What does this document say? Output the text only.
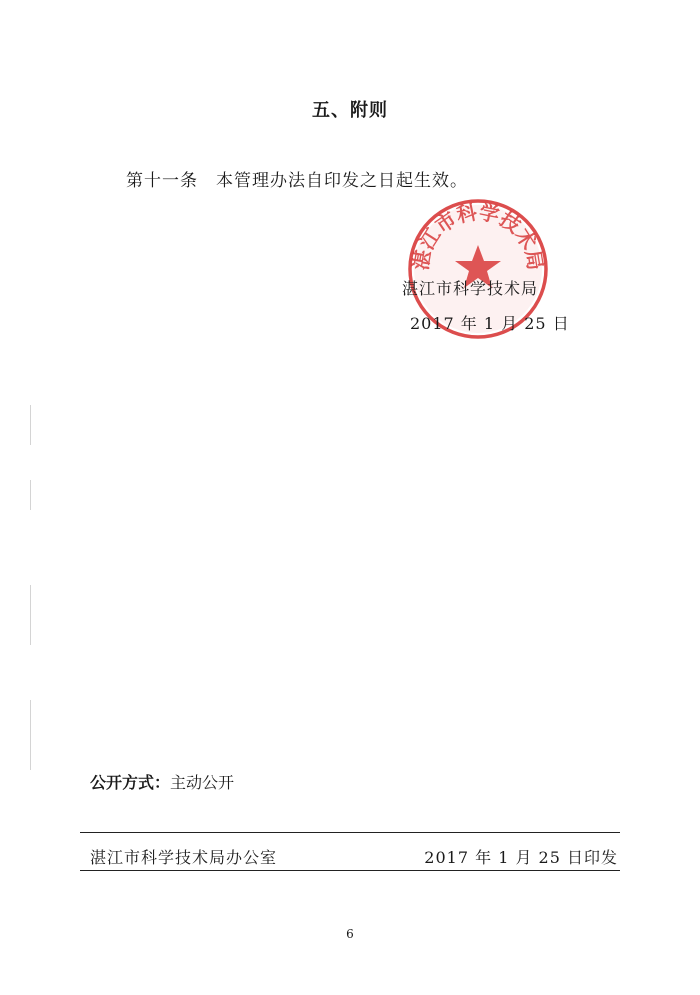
五、附则
第十一条 本管理办法自印发之日起生效。
湛江市科学技术局
湛江市科学技术局
2017 年 1 月 25 日
公开方式：主动公开
湛江市科学技术局办公室	2017 年 1 月 25 日印发
6
